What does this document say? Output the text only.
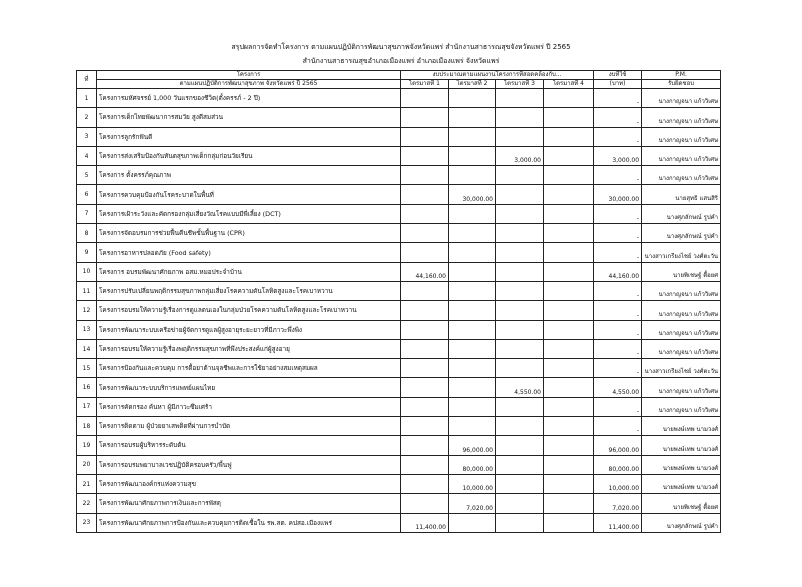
สรุปผลการจัดทำโครงการ ตามแผนปฏิบัติการพัฒนาสุขภาพจังหวัดแพร่ สำนักงานสาธารณสุขจังหวัดแพร่ ปี 2565
สำนักงานสาธารณสุขอำเภอเมืองแพร่ อำเภอเมืองแพร่ จังหวัดแพร่
ที่	โครงการ	งบประมาณตามแผนงานโครงการที่สอดคล้องกับ...				งบที่ใช้	P.M.
	ตามแผนปฏิบัติการพัฒนาสุขภาพ จังหวัดแพร่ ปี 2565	ไตรมาสที่ 1	ไตรมาสที่ 2	ไตรมาสที่ 3	ไตรมาสที่ 4	(บาท)	รับผิดชอบ
1	โครงการมหัศจรรย์ 1,000 วันแรกของชีวิต(ตั้งครรภ์ - 2 ปี)					-	นางกาญจนา แก้ววิเศษ
2	โครงการเด็กไทยพัฒนาการสมวัย สูงดีสมส่วน					-	นางกาญจนา แก้ววิเศษ
3	โครงการลูกรักฟันดี					-	นางกาญจนา แก้ววิเศษ
4	โครงการส่งเสริมป้องกันทันตสุขภาพเด็กกลุ่มก่อนวัยเรียน			3,000.00		3,000.00	นางกาญจนา แก้ววิเศษ
5	โครงการ ตั้งครรภ์คุณภาพ					-	นางกาญจนา แก้ววิเศษ
6	โครงการควบคุมป้องกันโรคระบาดในพื้นที่		30,000.00			30,000.00	นายสุทธิ แสนสิริ
7	โครงการเฝ้าระวังและคัดกรองกลุ่มเสี่ยงวัณโรคแบบมีพี่เลี้ยง (DCT)					-	นางศุภลักษณ์ รูปคำ
8	โครงการจัดอบรมการช่วยฟื้นคืนชีพขั้นพื้นฐาน (CPR)					-	นางศุภลักษณ์ รูปคำ
9	โครงการอาหารปลอดภัย (Food safety)					-	นางสาวเกรียงไชย์ วงศ์ตะวัน
10	โครงการ อบรมพัฒนาศักยภาพ อสม.หมอประจำบ้าน	44,160.00				44,160.00	นายพิเชษฐ์ ตื้อยศ
11	โครงการปรับเปลี่ยนพฤติกรรมสุขภาพกลุ่มเสี่ยงโรคความดันโลหิตสูงและโรคเบาหวาน					-	นางกาญจนา แก้ววิเศษ
12	โครงการอบรมให้ความรู้เรื่องการดูแลตนเองในกลุ่มป่วยโรคความดันโลหิตสูงและโรคเบาหวาน					-	นางกาญจนา แก้ววิเศษ
13	โครงการพัฒนาระบบเครือข่ายผู้จัดการดูแลผู้สูงอายุระยะยาวที่มีภาวะพึ่งพิง					-	นางกาญจนา แก้ววิเศษ
14	โครงการอบรมให้ความรู้เรื่องพฤติกรรมสุขภาพที่พึงประสงค์แก่ผู้สูงอายุ					-	นางกาญจนา แก้ววิเศษ
15	โครงการป้องกันและควบคุม การดื้อยาต้านจุลชีพและการใช้ยาอย่างสมเหตุสมผล					-	นางสาวเกรียงไชย์ วงศ์ตะวัน
16	โครงการพัฒนาระบบบริการแพทย์แผนไทย			4,550.00		4,550.00	นางกาญจนา แก้ววิเศษ
17	โครงการคัดกรอง ค้นหา ผู้มีภาวะซึมเศร้า					-	นางกาญจนา แก้ววิเศษ
18	โครงการติดตาม ผู้ป่วยยาเสพติดที่ผ่านการบำบัด					-	นายพงษ์เทพ นามวงศ์
19	โครงการอบรมผู้บริหารระดับต้น		96,000.00			96,000.00	นายพงษ์เทพ นามวงศ์
20	โครงการอบรมพยาบาลเวชปฏิบัติครอบครัว/พื้นฟู		80,000.00			80,000.00	นายพงษ์เทพ นามวงศ์
21	โครงการพัฒนาองค์กรแห่งความสุข		10,000.00			10,000.00	นายพงษ์เทพ นามวงศ์
22	โครงการพัฒนาศักยภาพการเงินและการพัสดุ		7,020.00			7,020.00	นายพิเชษฐ์ ตื้อยศ
23	โครงการพัฒนาศักยภาพการป้องกันและควบคุมการติดเชื้อใน รพ.สต. คปสอ.เมืองแพร่	11,400.00				11,400.00	นางศุภลักษณ์ รูปคำ
